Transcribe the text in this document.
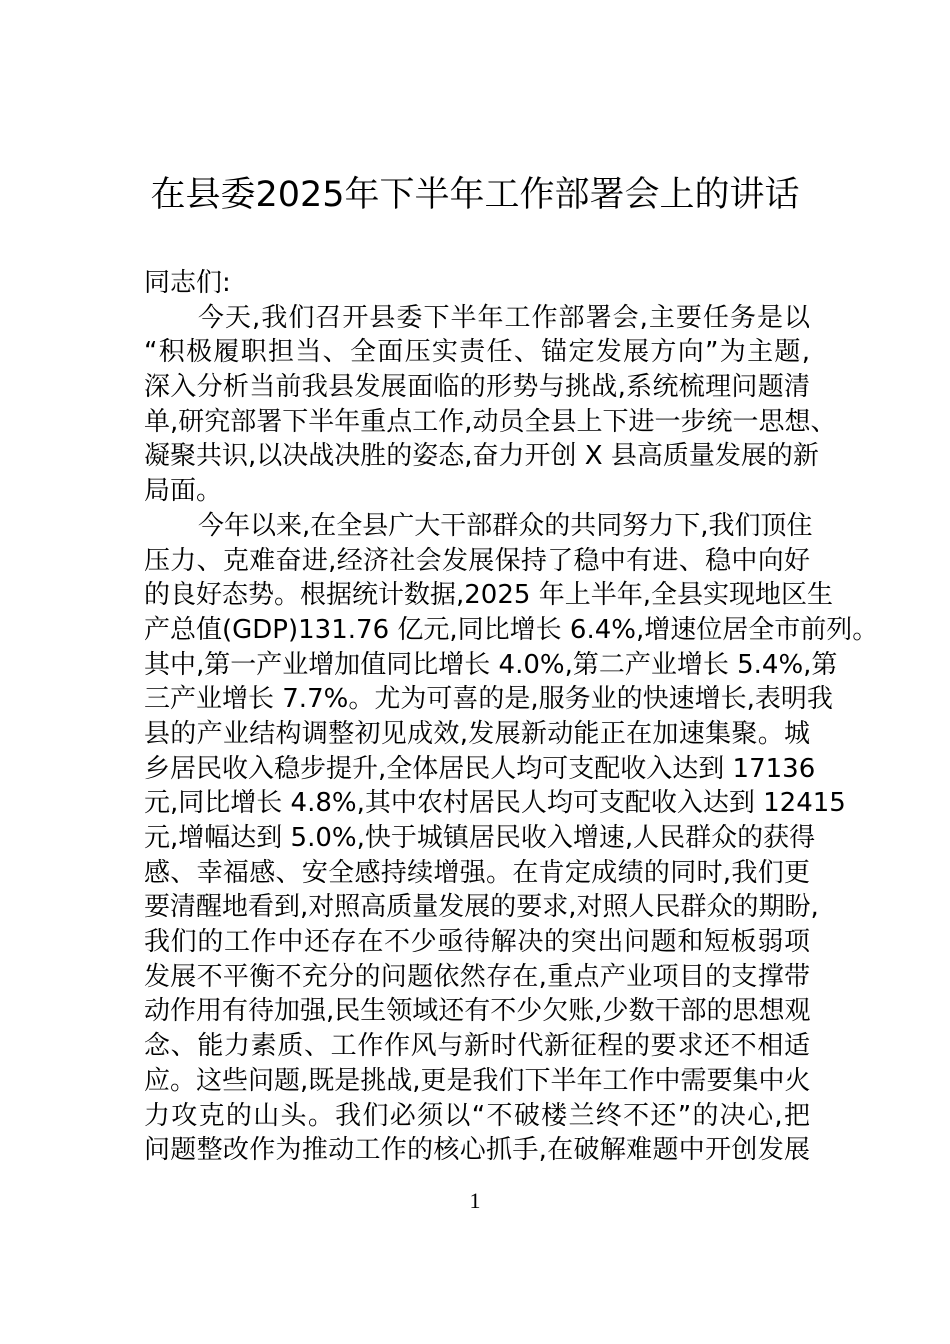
在县委2025年下半年工作部署会上的讲话
同志们:
今天,我们召开县委下半年工作部署会,主要任务是以
“积极履职担当、全面压实责任、锚定发展方向”为主题,
深入分析当前我县发展面临的形势与挑战,系统梳理问题清
单,研究部署下半年重点工作,动员全县上下进一步统一思想、
凝聚共识,以决战决胜的姿态,奋力开创 X 县高质量发展的新
局面。
今年以来,在全县广大干部群众的共同努力下,我们顶住
压力、克难奋进,经济社会发展保持了稳中有进、稳中向好
的良好态势。根据统计数据,2025 年上半年,全县实现地区生
产总值(GDP)131.76 亿元,同比增长 6.4%,增速位居全市前列。
其中,第一产业增加值同比增长 4.0%,第二产业增长 5.4%,第
三产业增长 7.7%。尤为可喜的是,服务业的快速增长,表明我
县的产业结构调整初见成效,发展新动能正在加速集聚。城
乡居民收入稳步提升,全体居民人均可支配收入达到 17136
元,同比增长 4.8%,其中农村居民人均可支配收入达到 12415
元,增幅达到 5.0%,快于城镇居民收入增速,人民群众的获得
感、幸福感、安全感持续增强。在肯定成绩的同时,我们更
要清醒地看到,对照高质量发展的要求,对照人民群众的期盼,
我们的工作中还存在不少亟待解决的突出问题和短板弱项
发展不平衡不充分的问题依然存在,重点产业项目的支撑带
动作用有待加强,民生领域还有不少欠账,少数干部的思想观
念、能力素质、工作作风与新时代新征程的要求还不相适
应。这些问题,既是挑战,更是我们下半年工作中需要集中火
力攻克的山头。我们必须以“不破楼兰终不还”的决心,把
问题整改作为推动工作的核心抓手,在破解难题中开创发展
1
